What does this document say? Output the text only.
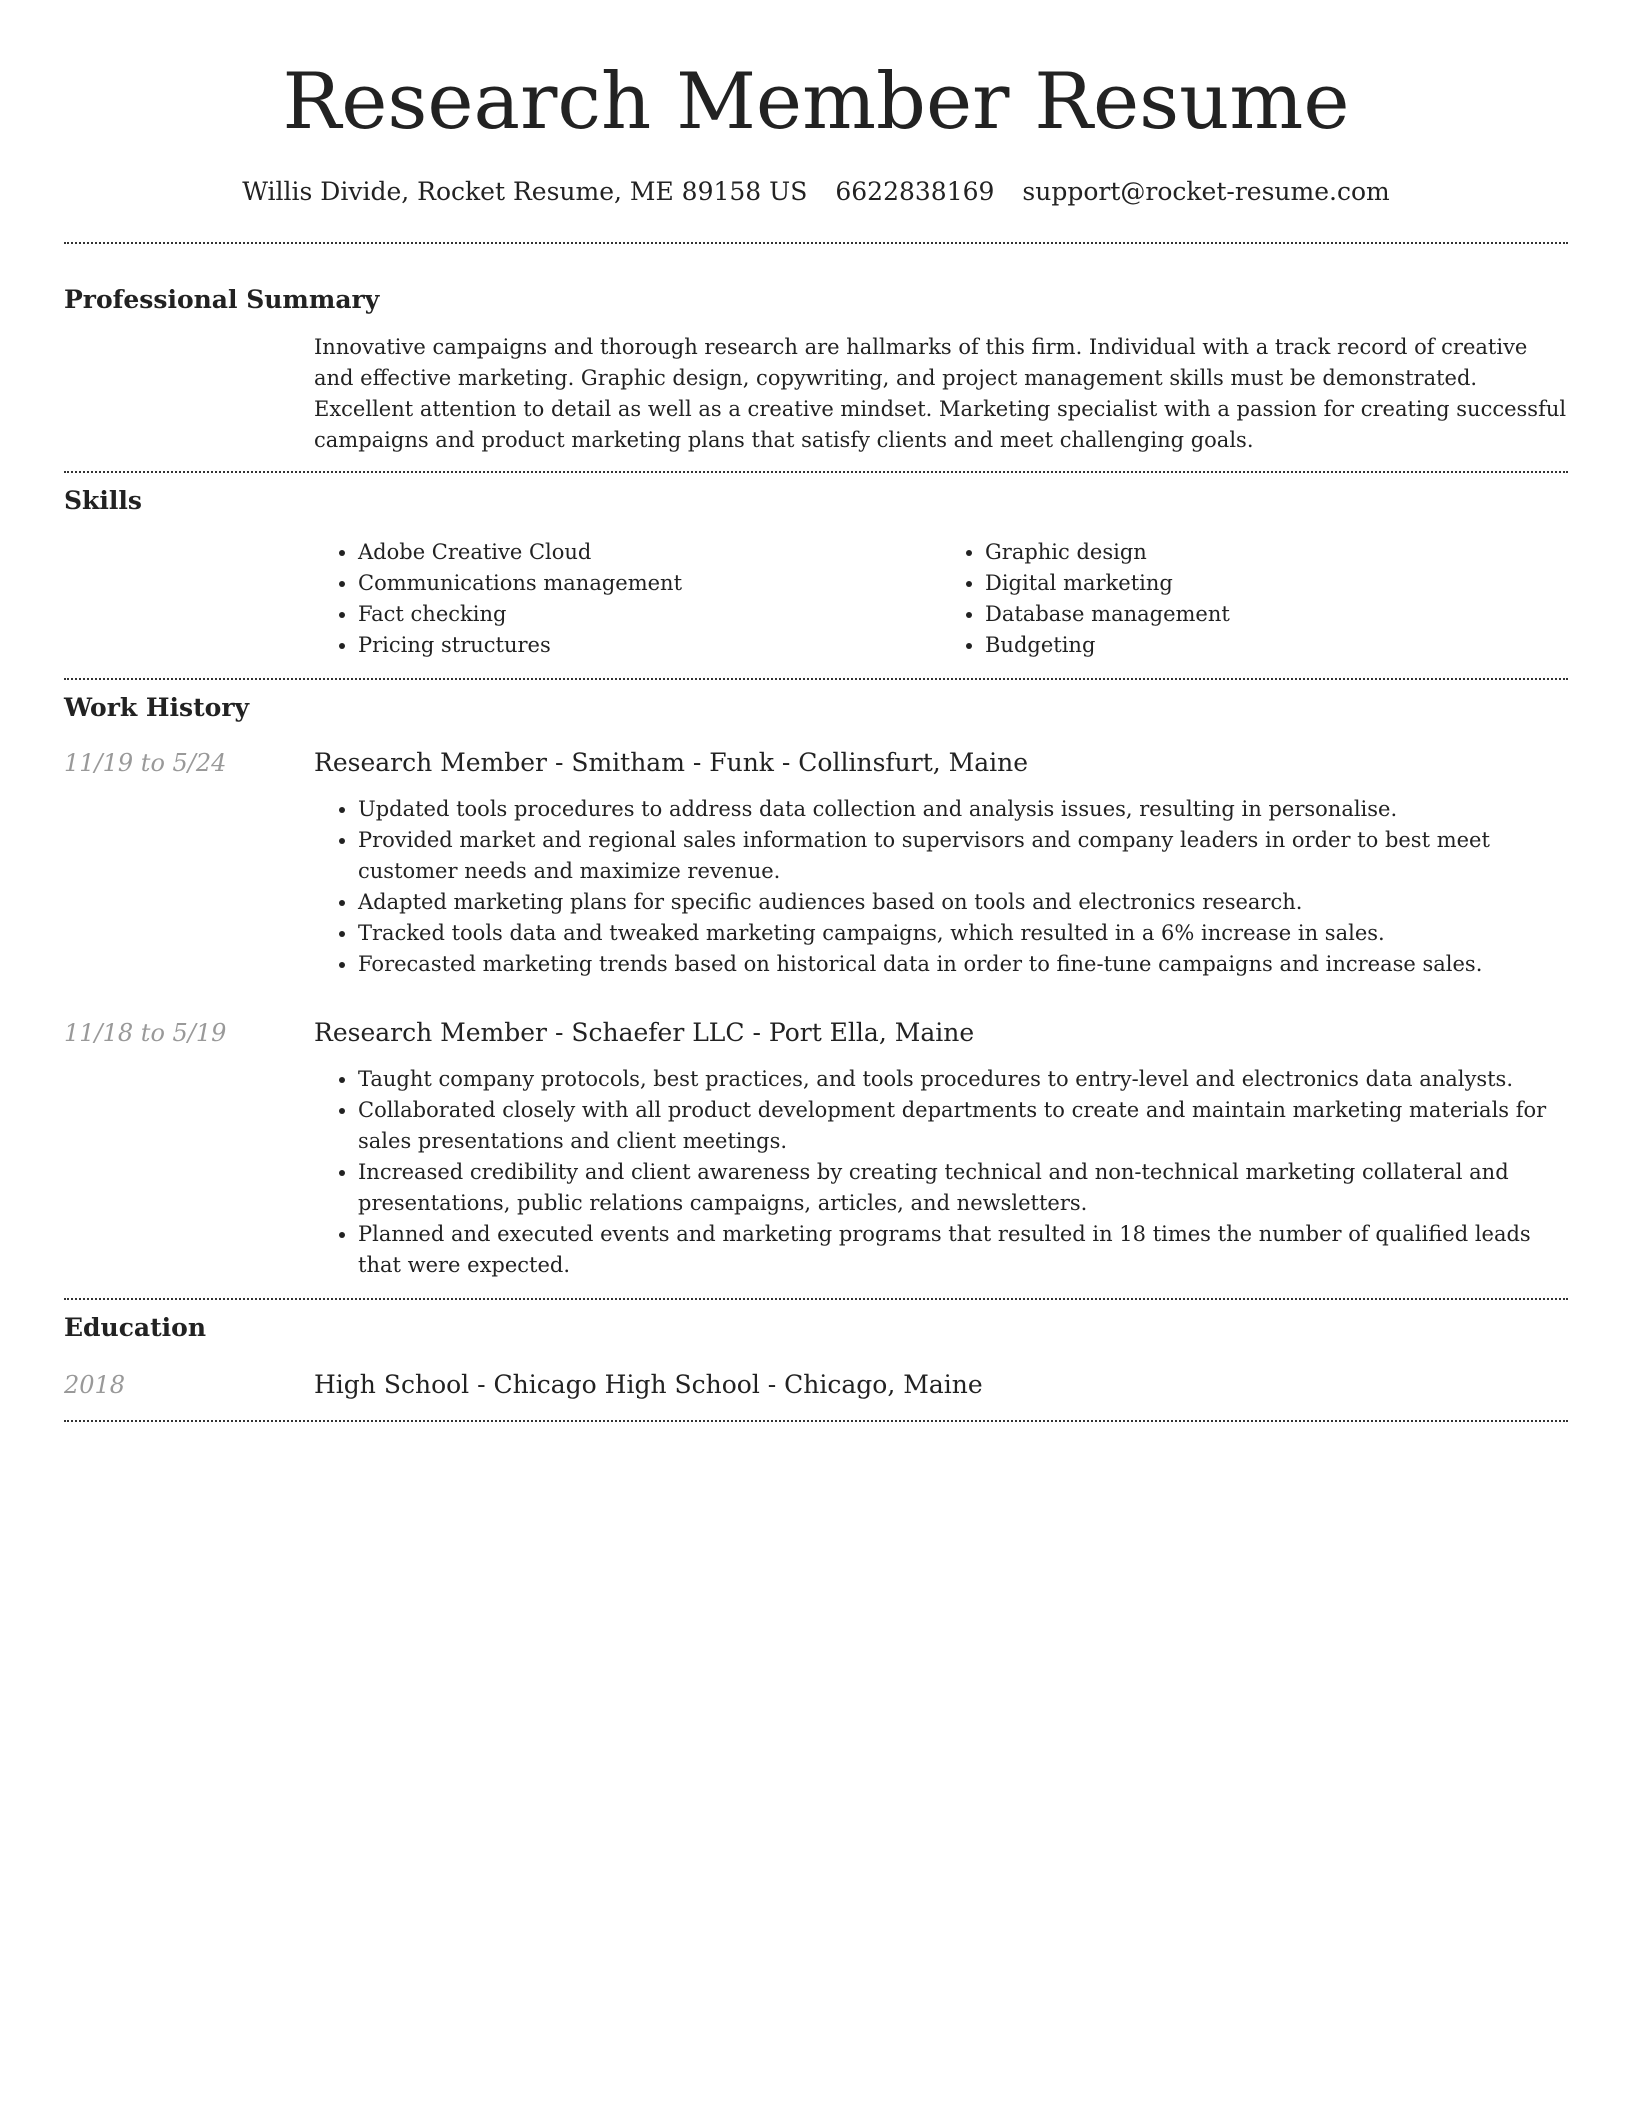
Research Member Resume
Willis Divide, Rocket Resume, ME 89158 US 6622838169 support@rocket-resume.com
Professional Summary

Innovative campaigns and thorough research are hallmarks of this firm. Individual with a track record of creative and effective marketing. Graphic design, copywriting, and project management skills must be demonstrated. Excellent attention to detail as well as a creative mindset. Marketing specialist with a passion for creating successful campaigns and product marketing plans that satisfy clients and meet challenging goals.

Skills
• Adobe Creative Cloud
• Communications management
• Fact checking
• Pricing structures
• Graphic design
• Digital marketing
• Database management
• Budgeting
Work History
11/19 to 5/24	Research Member - Smitham - Funk - Collinsfurt, Maine
• Updated tools procedures to address data collection and analysis issues, resulting in personalise.
• Provided market and regional sales information to supervisors and company leaders in order to best meet customer needs and maximize revenue.
• Adapted marketing plans for specific audiences based on tools and electronics research.
• Tracked tools data and tweaked marketing campaigns, which resulted in a 6% increase in sales.
• Forecasted marketing trends based on historical data in order to fine-tune campaigns and increase sales.
11/18 to 5/19	Research Member - Schaefer LLC - Port Ella, Maine
• Taught company protocols, best practices, and tools procedures to entry-level and electronics data analysts.
• Collaborated closely with all product development departments to create and maintain marketing materials for sales presentations and client meetings.
• Increased credibility and client awareness by creating technical and non-technical marketing collateral and presentations, public relations campaigns, articles, and newsletters.
• Planned and executed events and marketing programs that resulted in 18 times the number of qualified leads that were expected.
Education
2018	High School - Chicago High School - Chicago, Maine
